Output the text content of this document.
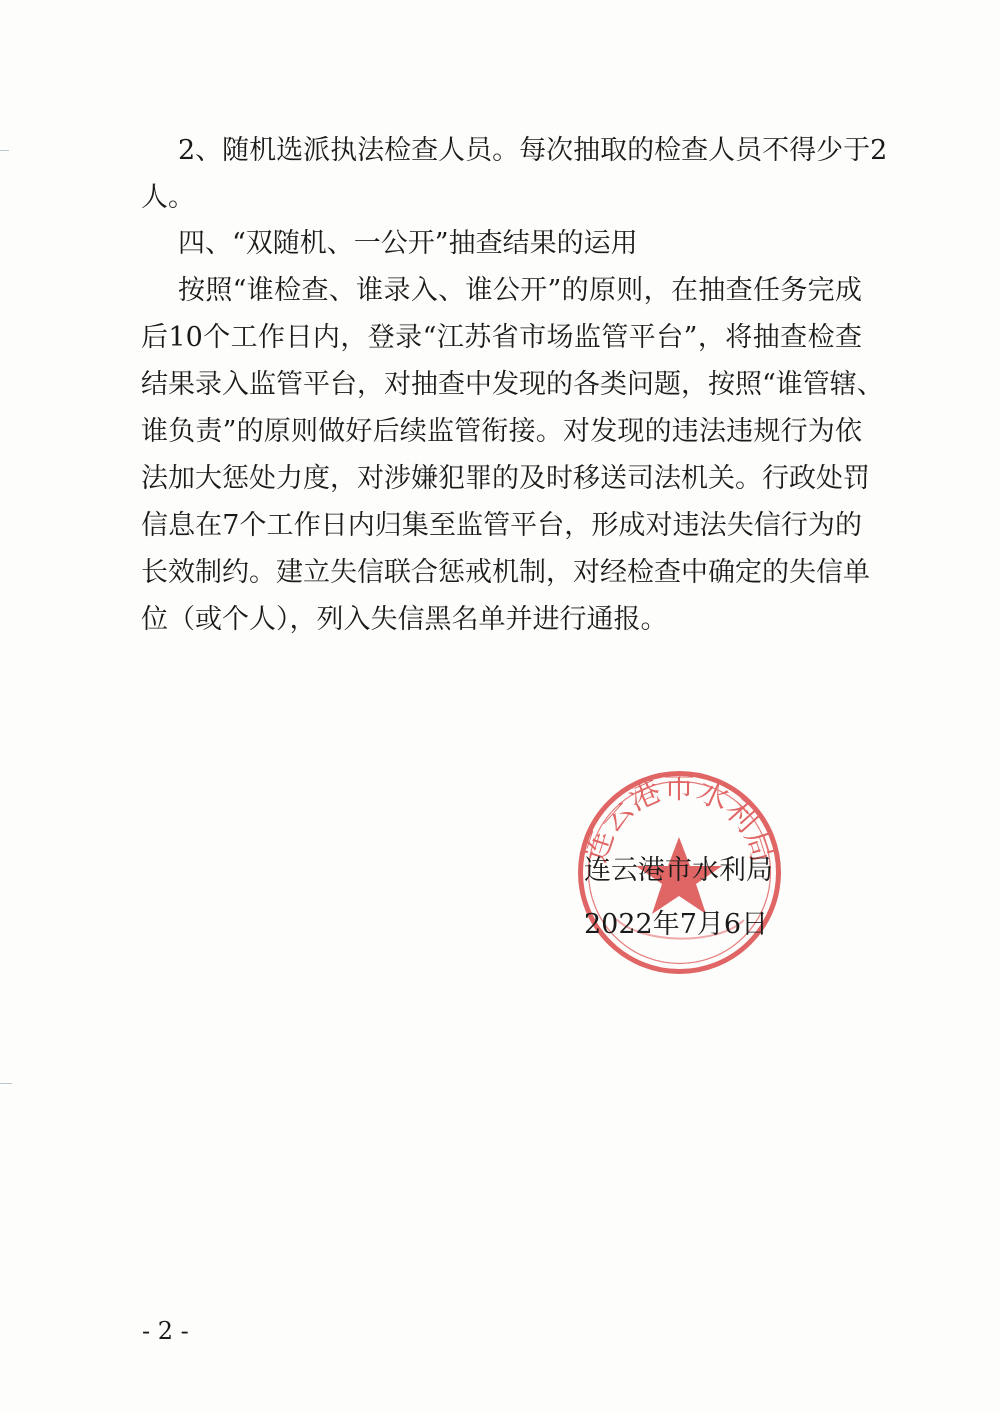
2、随机选派执法检查人员。每次抽取的检查人员不得少于2
人。
四、“双随机、一公开”抽查结果的运用
按照“谁检查、谁录入、谁公开”的原则，在抽查任务完成
后10个工作日内，登录“江苏省市场监管平台”，将抽查检查
结果录入监管平台，对抽查中发现的各类问题，按照“谁管辖、
谁负责”的原则做好后续监管衔接。对发现的违法违规行为依
法加大惩处力度，对涉嫌犯罪的及时移送司法机关。行政处罚
信息在7个工作日内归集至监管平台，形成对违法失信行为的
长效制约。建立失信联合惩戒机制，对经检查中确定的失信单
位（或个人），列入失信黑名单并进行通报。
连云港市水利局
连云港市水利局
2022年7月6日
- 2 -
